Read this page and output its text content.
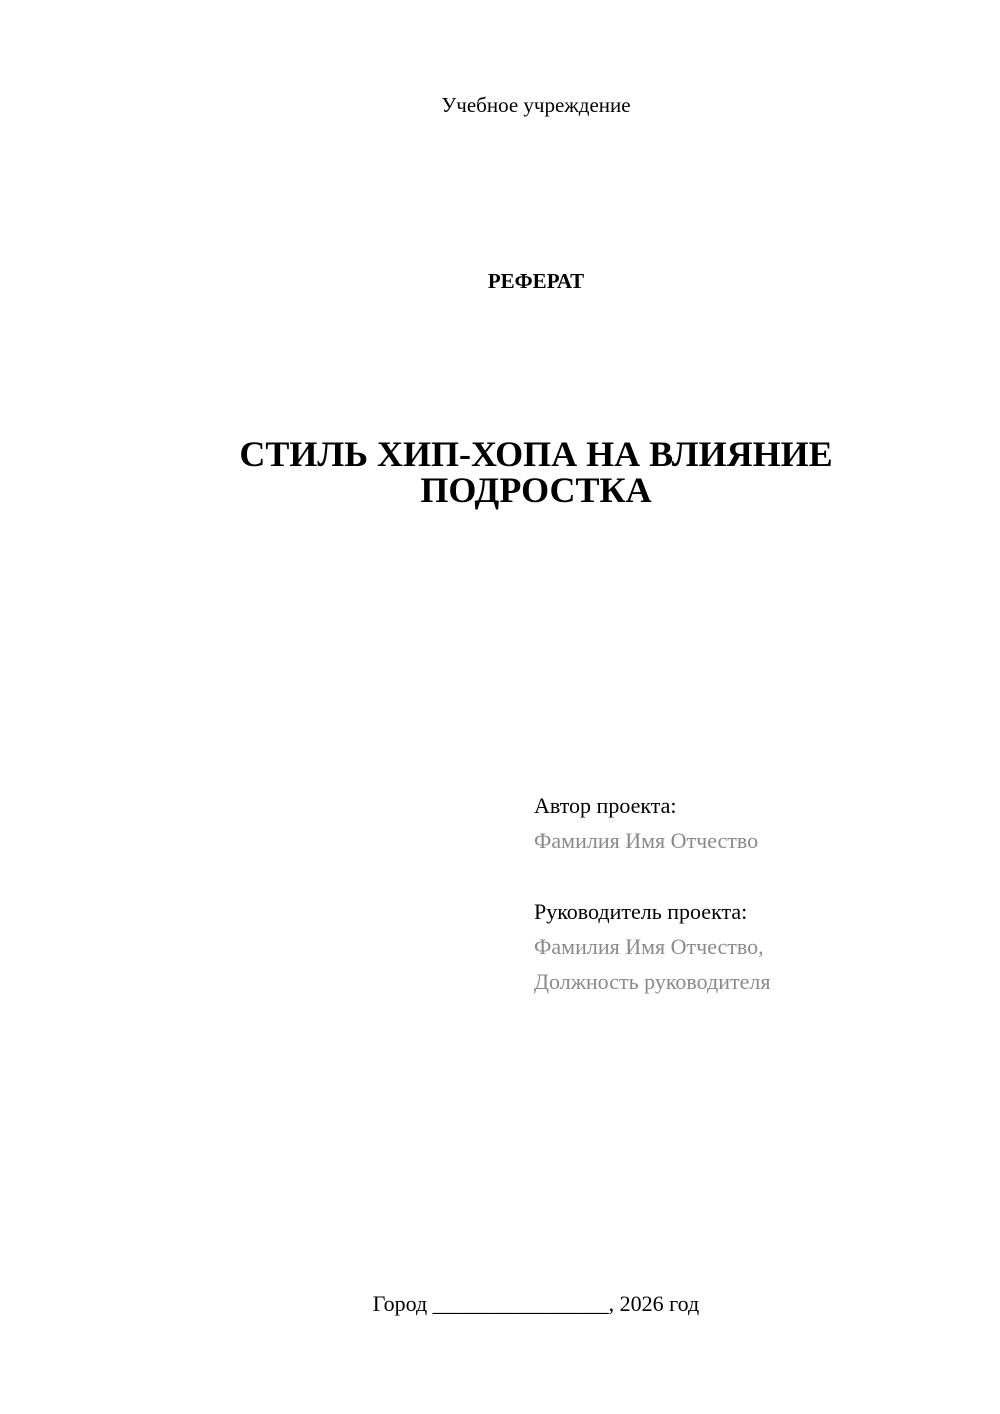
Учебное учреждение
РЕФЕРАТ
СТИЛЬ ХИП-ХОПА НА ВЛИЯНИЕ
ПОДРОСТКА
Автор проекта:
Фамилия Имя Отчество
Руководитель проекта:
Фамилия Имя Отчество,
Должность руководителя
Город ________________, 2026 год
